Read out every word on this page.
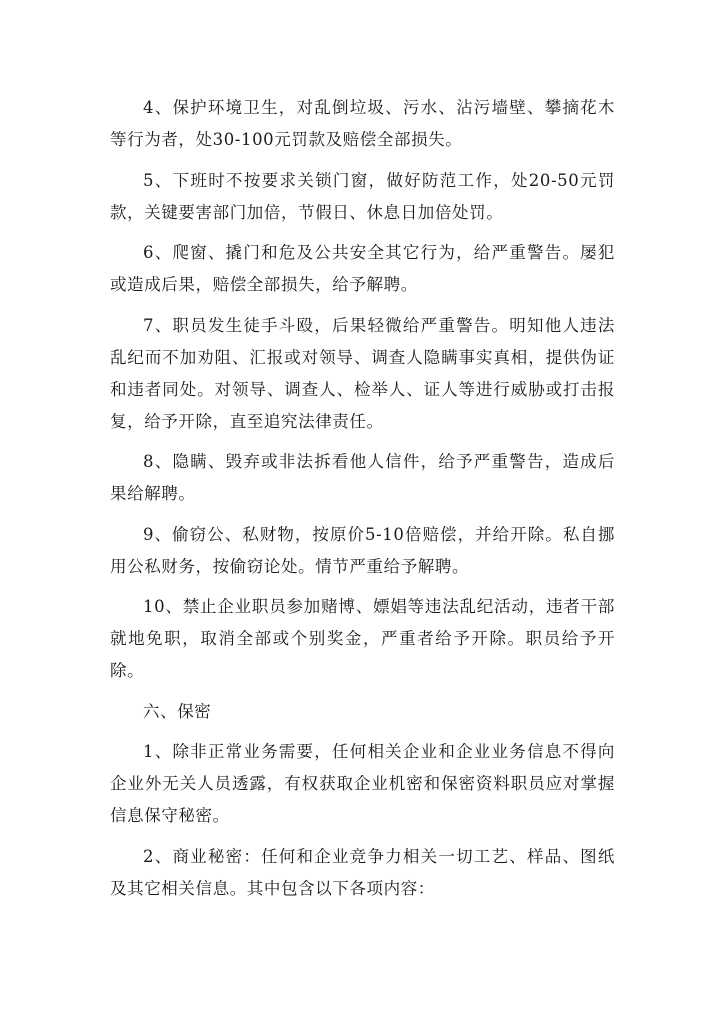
4、保护环境卫生，对乱倒垃圾、污水、沾污墙壁、攀摘花木等行为者，处30-100元罚款及赔偿全部损失。

5、下班时不按要求关锁门窗，做好防范工作，处20-50元罚款，关键要害部门加倍，节假日、休息日加倍处罚。

6、爬窗、撬门和危及公共安全其它行为，给严重警告。屡犯或造成后果，赔偿全部损失，给予解聘。

7、职员发生徒手斗殴，后果轻微给严重警告。明知他人违法乱纪而不加劝阻、汇报或对领导、调查人隐瞒事实真相，提供伪证和违者同处。对领导、调查人、检举人、证人等进行威胁或打击报复，给予开除，直至追究法律责任。

8、隐瞒、毁弃或非法拆看他人信件，给予严重警告，造成后果给解聘。

9、偷窃公、私财物，按原价5-10倍赔偿，并给开除。私自挪用公私财务，按偷窃论处。情节严重给予解聘。

10、禁止企业职员参加赌博、嫖娼等违法乱纪活动，违者干部就地免职，取消全部或个别奖金，严重者给予开除。职员给予开除。

六、保密

1、除非正常业务需要，任何相关企业和企业业务信息不得向企业外无关人员透露，有权获取企业机密和保密资料职员应对掌握信息保守秘密。

2、商业秘密：任何和企业竞争力相关一切工艺、样品、图纸及其它相关信息。其中包含以下各项内容：
